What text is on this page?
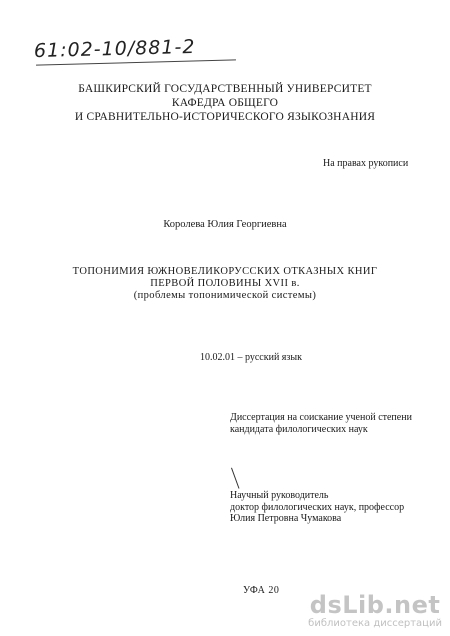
61:02-10/881-2
БАШКИРСКИЙ ГОСУДАРСТВЕННЫЙ УНИВЕРСИТЕТ
КАФЕДРА ОБЩЕГО
И СРАВНИТЕЛЬНО-ИСТОРИЧЕСКОГО ЯЗЫКОЗНАНИЯ
На правах рукописи
Королева Юлия Георгиевна
ТОПОНИМИЯ ЮЖНОВЕЛИКОРУССКИХ ОТКАЗНЫХ КНИГ
ПЕРВОЙ ПОЛОВИНЫ XVII в.
(проблемы топонимической системы)
10.02.01 – русский язык
Диссертация на соискание ученой степени
кандидата филологических наук
Научный руководитель
доктор филологических наук, профессор
Юлия Петровна Чумакова
УФА 20
dsLib.net
библиотека диссертаций
